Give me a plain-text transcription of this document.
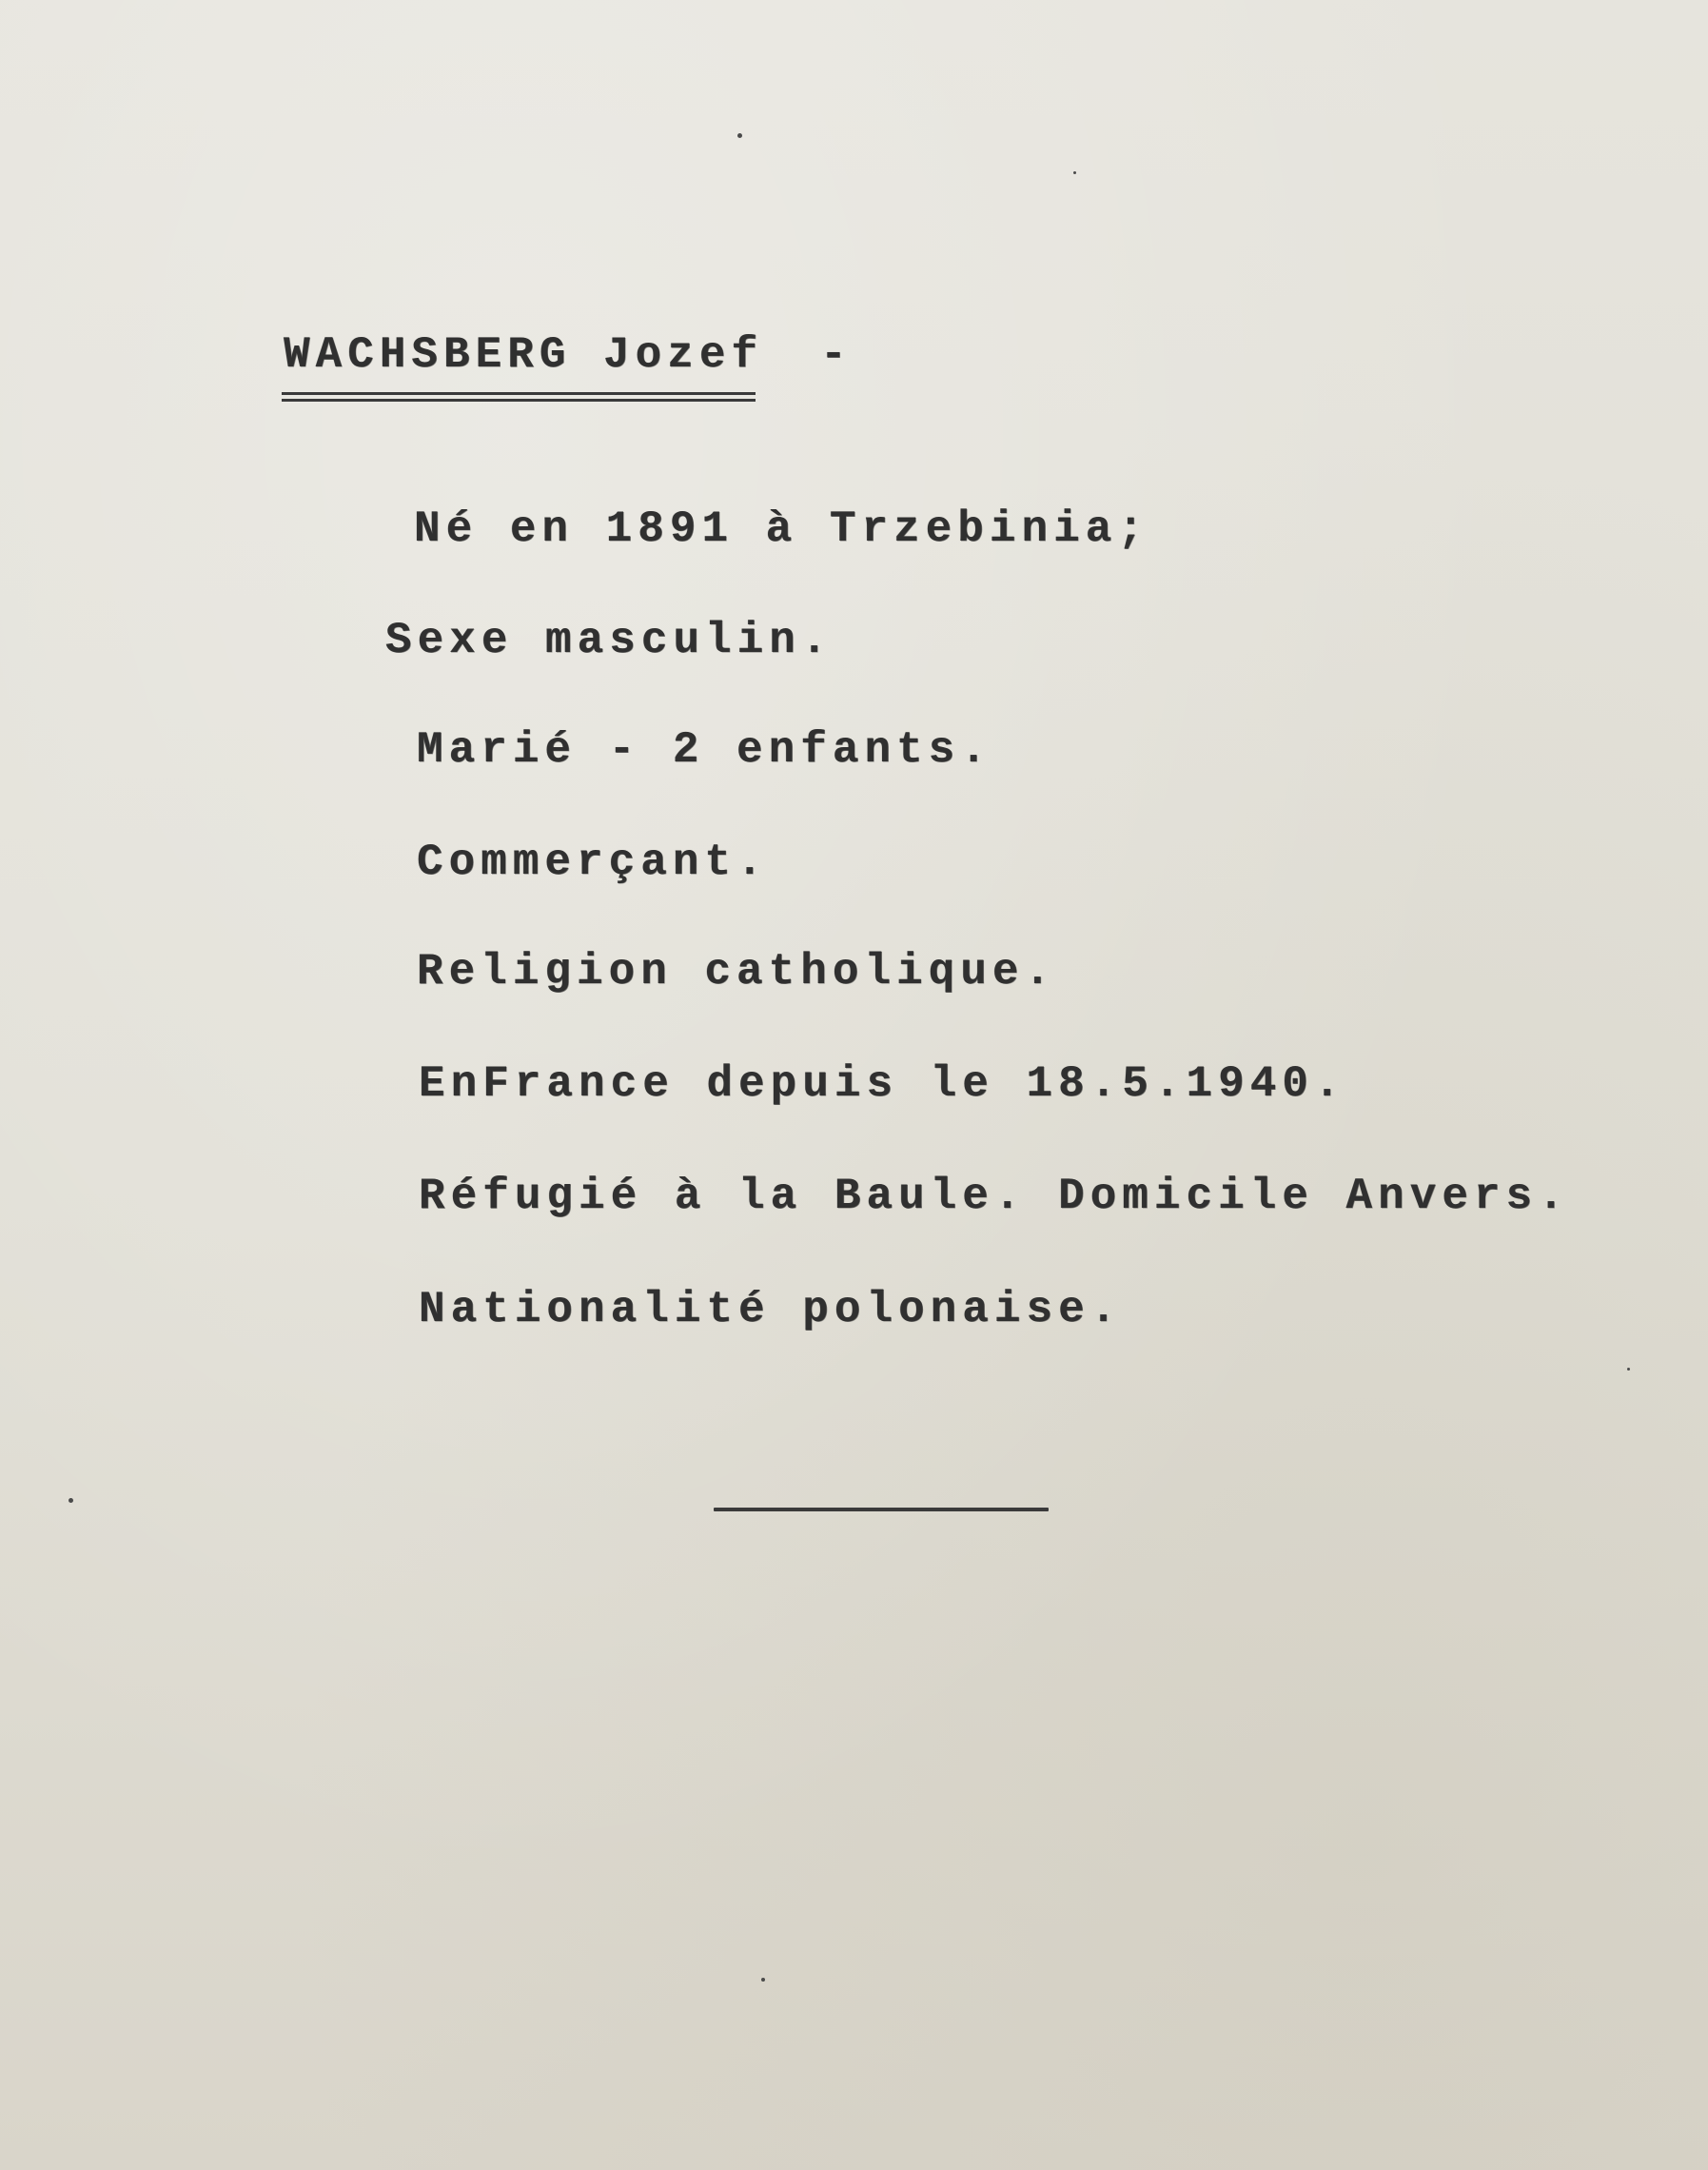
WACHSBERG Jozef -
Né en 1891 à Trzebinia;
Sexe masculin.
Marié - 2 enfants.
Commerçant.
Religion catholique.
EnFrance depuis le 18.5.1940.
Réfugié à la Baule. Domicile Anvers.
Nationalité polonaise.
